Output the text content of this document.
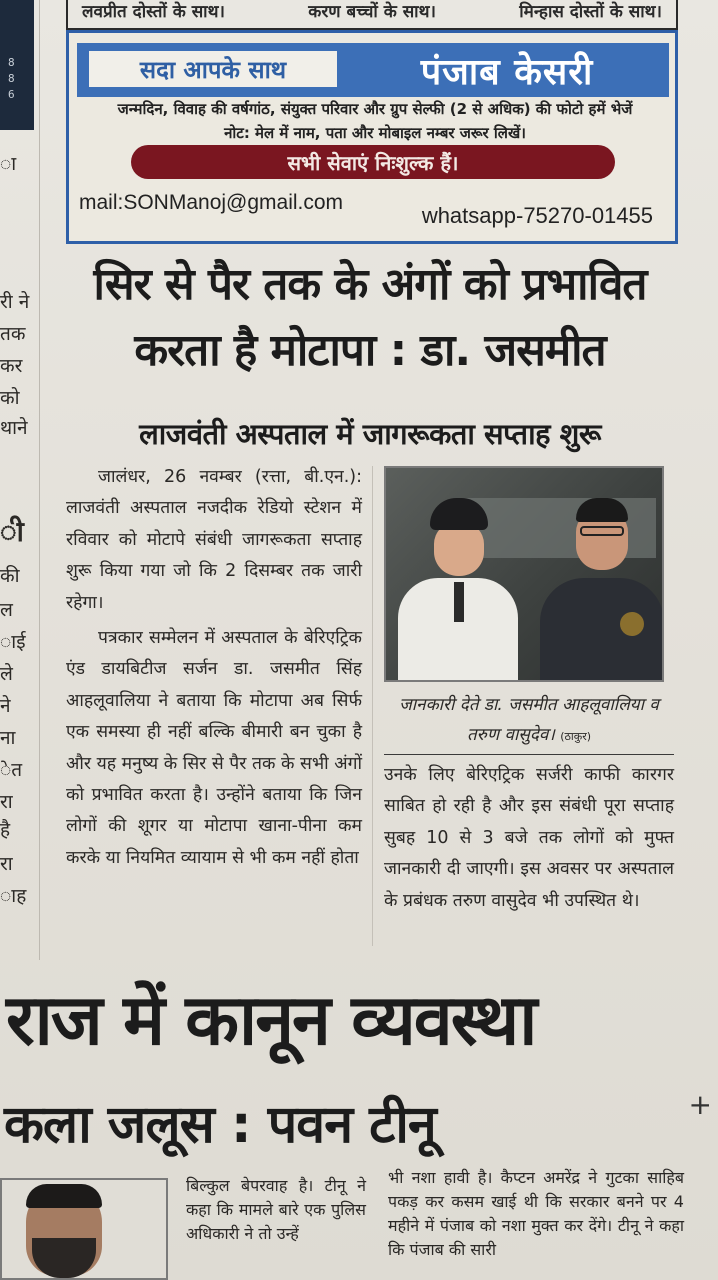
8
8
6
ा
री ने
तक
कर
को
थाने
ी
की
ल
ाई
ले
ने
ना
ेत
रा
है
रा
ाह
लवप्रीत दोस्तों के साथ।	करण बच्चों के साथ।	मिन्हास दोस्तों के साथ।
सदा आपके साथ	पंजाब केसरी
जन्मदिन, विवाह की वर्षगांठ, संयुक्त परिवार और ग्रुप सेल्फी (2 से अधिक) की फोटो हमें भेजें
नोट: मेल में नाम, पता और मोबाइल नम्बर जरूर लिखें।
सभी सेवाएं निःशुल्क हैं।
mail:SONManoj@gmail.com
whatsapp-75270-01455
सिर से पैर तक के अंगों को प्रभावित
करता है मोटापा : डा. जसमीत
लाजवंती अस्पताल में जागरूकता सप्ताह शुरू

जालंधर, 26 नवम्बर (रत्ता, बी.एन.): लाजवंती अस्पताल नजदीक रेडियो स्टेशन में रविवार को मोटापे संबंधी जागरूकता सप्ताह शुरू किया गया जो कि 2 दिसम्बर तक जारी रहेगा।

पत्रकार सम्मेलन में अस्पताल के बेरिएट्रिक एंड डायबिटीज सर्जन डा. जसमीत सिंह आहलूवालिया ने बताया कि मोटापा अब सिर्फ एक समस्या ही नहीं बल्कि बीमारी बन चुका है और यह मनुष्य के सिर से पैर तक के सभी अंगों को प्रभावित करता है। उन्होंने बताया कि जिन लोगों की शूगर या मोटापा खाना-पीना कम करके या नियमित व्यायाम से भी कम नहीं होता

जानकारी देते डा. जसमीत आहलूवालिया व तरुण वासुदेव। (ठाकुर)

उनके लिए बेरिएट्रिक सर्जरी काफी कारगर साबित हो रही है और इस संबंधी पूरा सप्ताह सुबह 10 से 3 बजे तक लोगों को मुफ्त जानकारी दी जाएगी। इस अवसर पर अस्पताल के प्रबंधक तरुण वासुदेव भी उपस्थित थे।

राज में कानून व्यवस्था
कला जलूस : पवन टीनू	+
बिल्कुल बेपरवाह है। टीनू ने कहा कि मामले बारे एक पुलिस अधिकारी ने तो उन्हें
भी नशा हावी है। कैप्टन अमरेंद्र ने गुटका साहिब पकड़ कर कसम खाई थी कि सरकार बनने पर 4 महीने में पंजाब को नशा मुक्त कर देंगे। टीनू ने कहा कि पंजाब की सारी
